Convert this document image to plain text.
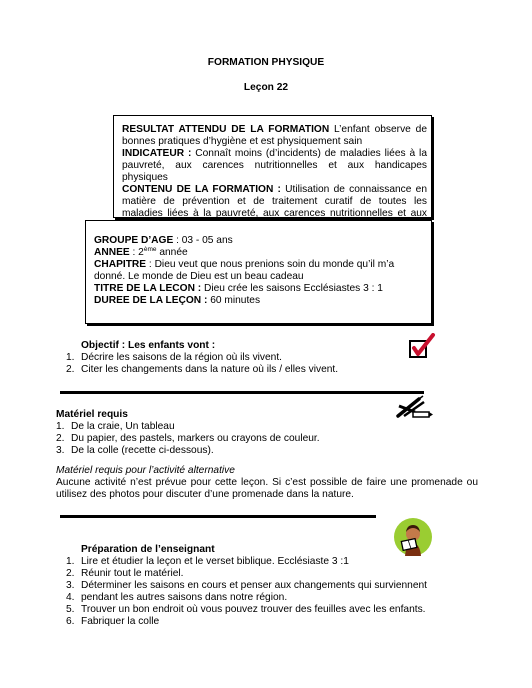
FORMATION PHYSIQUE
Leçon 22
RESULTAT ATTENDU DE LA FORMATION L’enfant observe de bonnes pratiques d’hygiène et est physiquement sain
INDICATEUR : Connaît moins (d’incidents) de maladies liées à la pauvreté, aux carences nutritionnelles et aux handicapes physiques
CONTENU DE LA FORMATION : Utilisation de connaissance en matière de prévention et de traitement curatif de toutes les maladies liées à la pauvreté, aux carences nutritionnelles et aux
GROUPE D’AGE : 03 - 05 ans
ANNEE : 2ème année
CHAPITRE : Dieu veut que nous prenions soin du monde qu’il m’a donné. Le monde de Dieu est un beau cadeau
TITRE DE LA LECON : Dieu crée les saisons Ecclésiastes 3 : 1
DUREE DE LA LEÇON : 60 minutes
Objectif : Les enfants vont :
1. Décrire les saisons de la région où ils vivent.
2. Citer les changements dans la nature où ils / elles vivent.
Matériel requis
1. De la craie, Un tableau
2. Du papier, des pastels, markers ou crayons de couleur.
3. De la colle (recette ci-dessous).
Matériel requis pour l’activité alternative
Aucune activité n’est prévue pour cette leçon. Si c’est possible de faire une promenade ou utilisez des photos pour discuter d’une promenade dans la nature.
Préparation de l’enseignant
1. Lire et étudier la leçon et le verset biblique. Ecclésiaste 3 :1
2. Réunir tout le matériel.
3. Déterminer les saisons en cours et penser aux changements qui surviennent
4. pendant les autres saisons dans notre région.
5. Trouver un bon endroit où vous pouvez trouver des feuilles avec les enfants.
6. Fabriquer la colle
